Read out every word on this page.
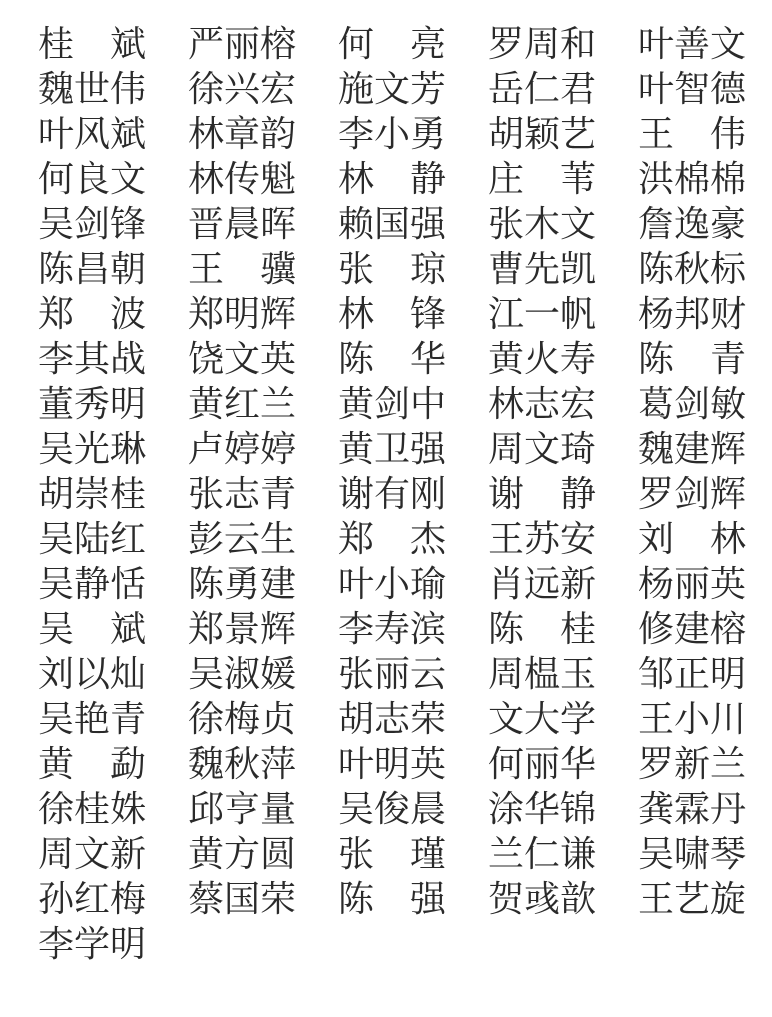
桂　斌	严丽榕	何　亮	罗周和	叶善文
魏世伟	徐兴宏	施文芳	岳仁君	叶智德
叶风斌	林章韵	李小勇	胡颖艺	王　伟
何良文	林传魁	林　静	庄　苇	洪棉棉
吴剑锋	晋晨晖	赖国强	张木文	詹逸豪
陈昌朝	王　骥	张　琼	曹先凯	陈秋标
郑　波	郑明辉	林　锋	江一帆	杨邦财
李其战	饶文英	陈　华	黄火寿	陈　青
董秀明	黄红兰	黄剑中	林志宏	葛剑敏
吴光琳	卢婷婷	黄卫强	周文琦	魏建辉
胡崇桂	张志青	谢有刚	谢　静	罗剑辉
吴陆红	彭云生	郑　杰	王苏安	刘　林
吴静恬	陈勇建	叶小瑜	肖远新	杨丽英
吴　斌	郑景辉	李寿滨	陈　桂	修建榕
刘以灿	吴淑媛	张丽云	周榅玉	邹正明
吴艳青	徐梅贞	胡志荣	文大学	王小川
黄　勐	魏秋萍	叶明英	何丽华	罗新兰
徐桂姝	邱亨量	吴俊晨	涂华锦	龚霖丹
周文新	黄方圆	张　瑾	兰仁谦	吴啸琴
孙红梅	蔡国荣	陈　强	贺彧歆	王艺旋
李学明
